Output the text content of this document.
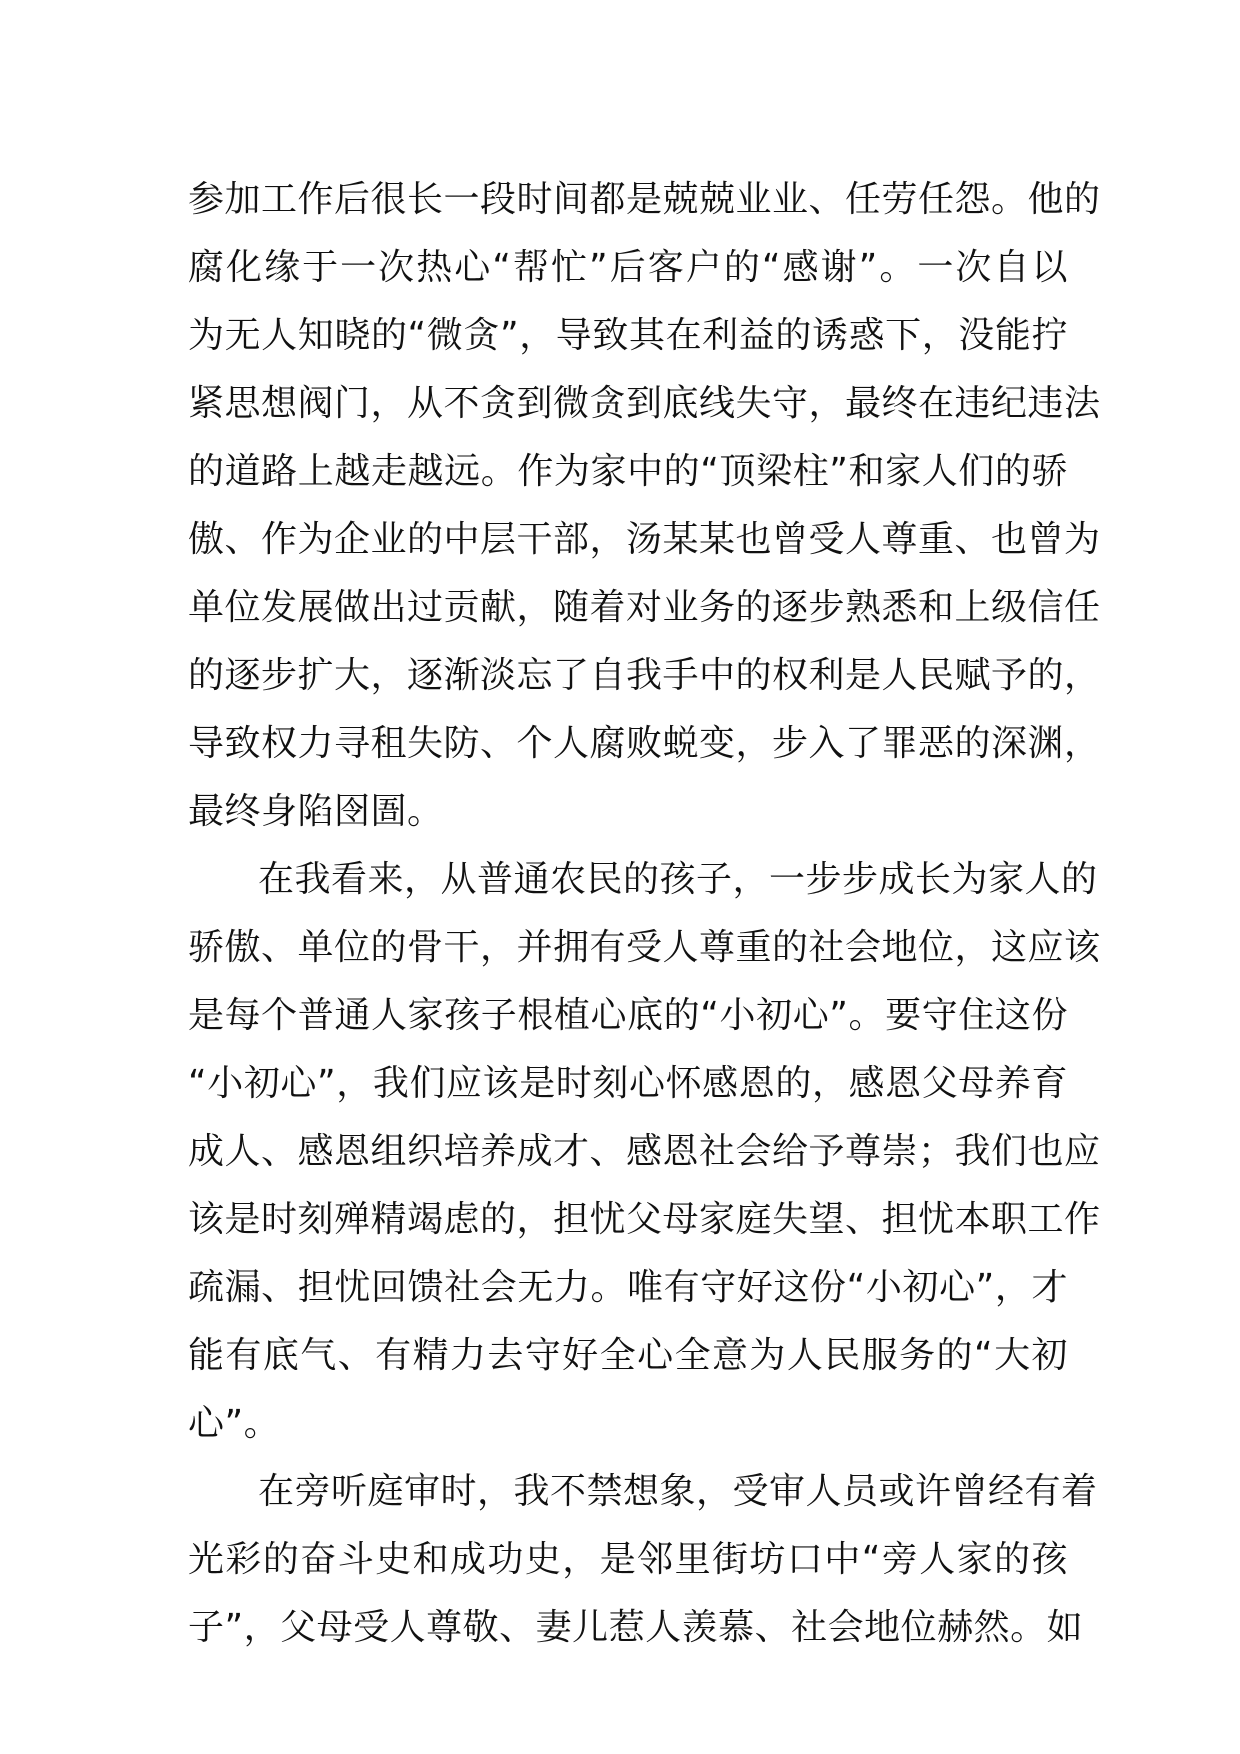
参加工作后很长一段时间都是兢兢业业、任劳任怨。他的
腐化缘于一次热心“帮忙”后客户的“感谢”。一次自以
为无人知晓的“微贪”，导致其在利益的诱惑下，没能拧
紧思想阀门，从不贪到微贪到底线失守，最终在违纪违法
的道路上越走越远。作为家中的“顶梁柱”和家人们的骄
傲、作为企业的中层干部，汤某某也曾受人尊重、也曾为
单位发展做出过贡献，随着对业务的逐步熟悉和上级信任
的逐步扩大，逐渐淡忘了自我手中的权利是人民赋予的，
导致权力寻租失防、个人腐败蜕变，步入了罪恶的深渊，
最终身陷囹圄。
在我看来，从普通农民的孩子，一步步成长为家人的
骄傲、单位的骨干，并拥有受人尊重的社会地位，这应该
是每个普通人家孩子根植心底的“小初心”。要守住这份
“小初心”，我们应该是时刻心怀感恩的，感恩父母养育
成人、感恩组织培养成才、感恩社会给予尊崇；我们也应
该是时刻殚精竭虑的，担忧父母家庭失望、担忧本职工作
疏漏、担忧回馈社会无力。唯有守好这份“小初心”，才
能有底气、有精力去守好全心全意为人民服务的“大初
心”。
在旁听庭审时，我不禁想象，受审人员或许曾经有着
光彩的奋斗史和成功史，是邻里街坊口中“旁人家的孩
子”，父母受人尊敬、妻儿惹人羡慕、社会地位赫然。如
